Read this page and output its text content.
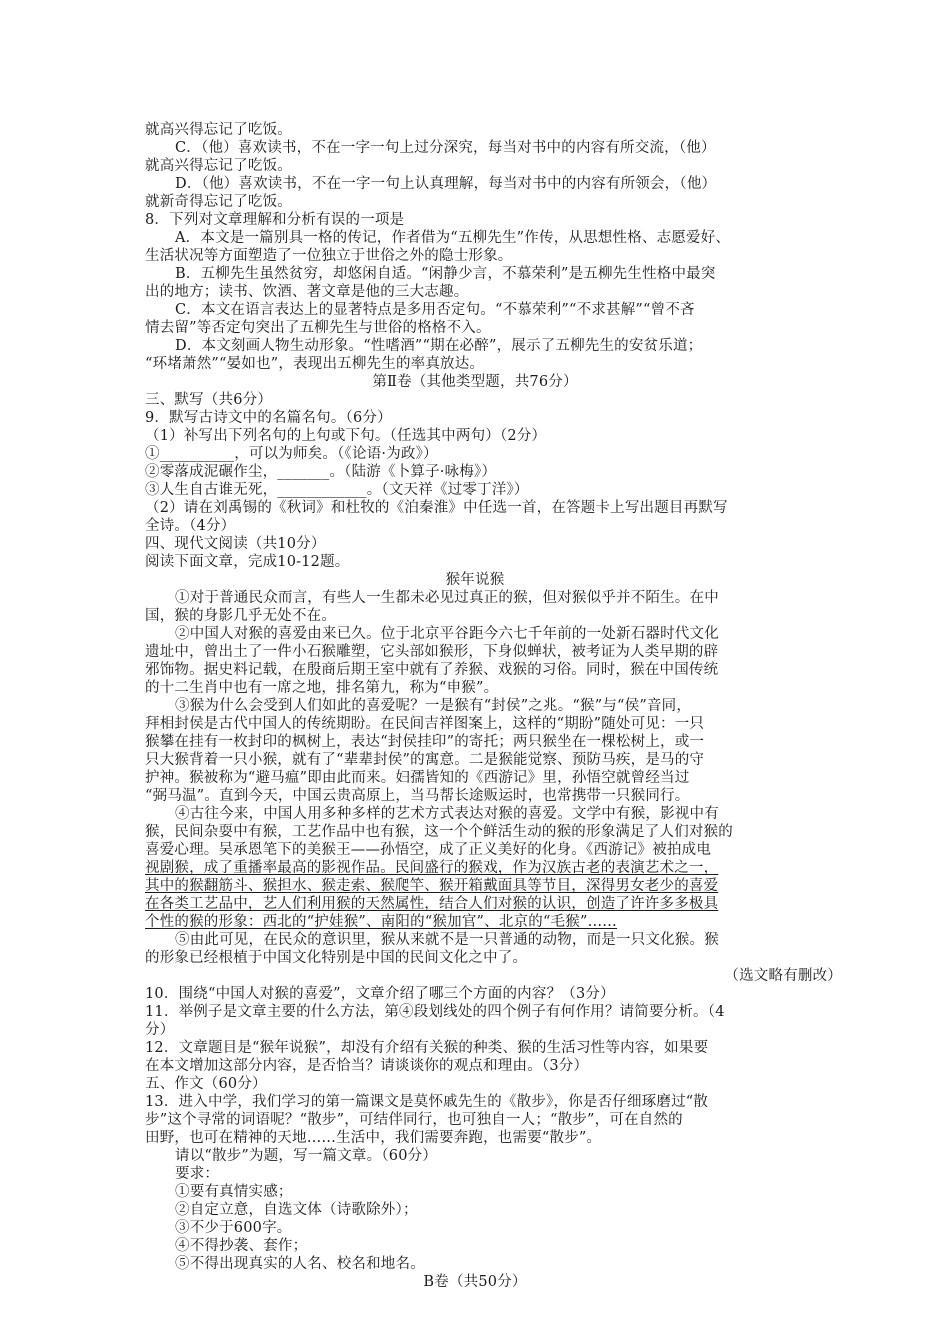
就高兴得忘记了吃饭。
C．（他）喜欢读书，不在一字一句上过分深究，每当对书中的内容有所交流，（他）
就高兴得忘记了吃饭。
D．（他）喜欢读书，不在一字一句上认真理解，每当对书中的内容有所领会，（他）
就新奇得忘记了吃饭。
8．下列对文章理解和分析有误的一项是
A．本文是一篇别具一格的传记，作者借为“五柳先生”作传，从思想性格、志愿爱好、
生活状况等方面塑造了一位独立于世俗之外的隐士形象。
B．五柳先生虽然贫穷，却悠闲自适。“闲静少言，不慕荣利”是五柳先生性格中最突
出的地方；读书、饮酒、著文章是他的三大志趣。
C．本文在语言表达上的显著特点是多用否定句。“不慕荣利”“不求甚解”“曾不吝
情去留”等否定句突出了五柳先生与世俗的格格不入。
D．本文刻画人物生动形象。“性嗜酒”“期在必醉”，展示了五柳先生的安贫乐道；
“环堵萧然”“晏如也”，表现出五柳先生的率真放达。
第Ⅱ卷（其他类型题，共76分）
三、默写（共6分）
9．默写古诗文中的名篇名句。（6分）
（1）补写出下列名句的上句或下句。（任选其中两句）（2分）
①__________，可以为师矣。（《论语·为政》）
②零落成泥碾作尘，_______。（陆游《卜算子·咏梅》）
③人生自古谁无死，____________。（文天祥《过零丁洋》）
（2）请在刘禹锡的《秋词》和杜牧的《泊秦淮》中任选一首，在答题卡上写出题目再默写
全诗。（4分）
四、现代文阅读（共10分）
阅读下面文章，完成10-12题。
猴年说猴
①对于普通民众而言，有些人一生都未必见过真正的猴，但对猴似乎并不陌生。在中
国，猴的身影几乎无处不在。
②中国人对猴的喜爱由来已久。位于北京平谷距今六七千年前的一处新石器时代文化
遗址中，曾出土了一件小石猴雕塑，它头部如猴形，下身似蝉状，被考证为人类早期的辟
邪饰物。据史料记载，在殷商后期王室中就有了养猴、戏猴的习俗。同时，猴在中国传统
的十二生肖中也有一席之地，排名第九，称为“申猴”。
③猴为什么会受到人们如此的喜爱呢？一是猴有“封侯”之兆。“猴”与“侯”音同，
拜相封侯是古代中国人的传统期盼。在民间吉祥图案上，这样的“期盼”随处可见：一只
猴攀在挂有一枚封印的枫树上，表达“封侯挂印”的寄托；两只猴坐在一棵松树上，或一
只大猴背着一只小猴，就有了“辈辈封侯”的寓意。二是猴能觉察、预防马疾，是马的守
护神。猴被称为“避马瘟”即由此而来。妇孺皆知的《西游记》里，孙悟空就曾经当过
“弼马温”。直到今天，中国云贵高原上，当马帮长途贩运时，也常携带一只猴同行。
④古往今来，中国人用多种多样的艺术方式表达对猴的喜爱。文学中有猴，影视中有
猴，民间杂耍中有猴，工艺作品中也有猴，这一个个鲜活生动的猴的形象满足了人们对猴的
喜爱心理。吴承恩笔下的美猴王——孙悟空，成了正义美好的化身。《西游记》被拍成电
视剧猴，成了重播率最高的影视作品。民间盛行的猴戏，作为汉族古老的表演艺术之一，
其中的猴翻筋斗、猴担水、猴走索、猴爬竿、猴开箱戴面具等节目，深得男女老少的喜爱
在各类工艺品中，艺人们利用猴的天然属性，结合人们对猴的认识，创造了许许多多极具
个性的猴的形象：西北的“护娃猴”、南阳的“猴加官”、北京的“毛猴”……
⑤由此可见，在民众的意识里，猴从来就不是一只普通的动物，而是一只文化猴。猴
的形象已经根植于中国文化特别是中国的民间文化之中了。
（选文略有删改）
10．围绕“中国人对猴的喜爱”，文章介绍了哪三个方面的内容？（3分）
11．举例子是文章主要的什么方法，第④段划线处的四个例子有何作用？请简要分析。（4
分）
12．文章题目是“猴年说猴”，却没有介绍有关猴的种类、猴的生活习性等内容，如果要
在本文增加这部分内容，是否恰当？请谈谈你的观点和理由。（3分）
五、作文（60分）
13．进入中学，我们学习的第一篇课文是莫怀戚先生的《散步》，你是否仔细琢磨过“散
步”这个寻常的词语呢？“散步”，可结伴同行，也可独自一人；“散步”，可在自然的
田野，也可在精神的天地……生活中，我们需要奔跑，也需要“散步”。
请以“散步”为题，写一篇文章。（60分）
要求：
①要有真情实感；
②自定立意，自选文体（诗歌除外）；
③不少于600字。
④不得抄袭、套作；
⑤不得出现真实的人名、校名和地名。
B卷（共50分）
